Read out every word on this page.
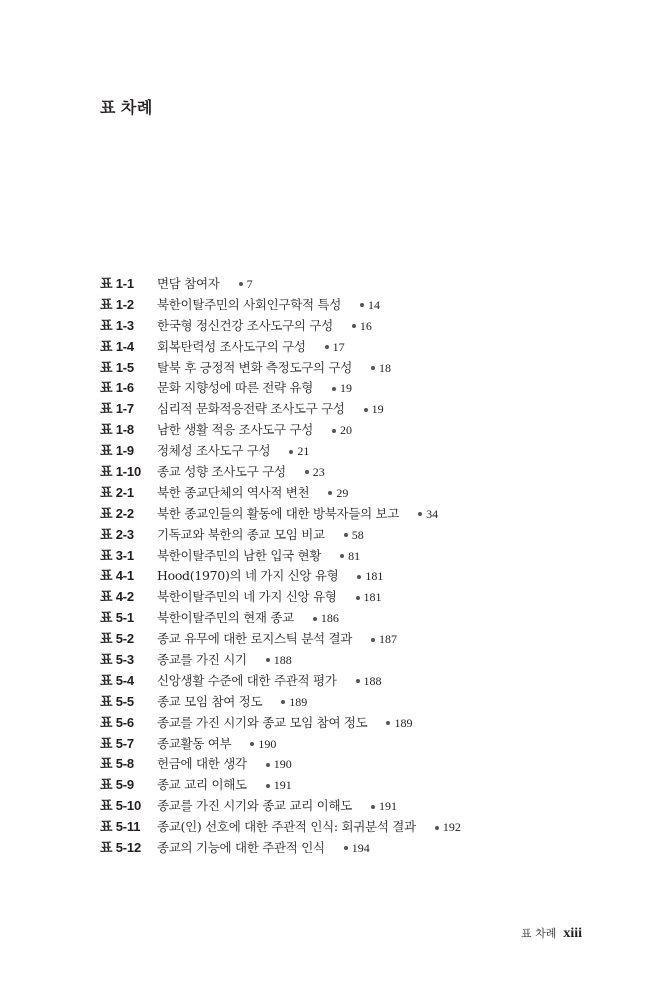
표 차례
표 1-1	면담 참여자 7
표 1-2	북한이탈주민의 사회인구학적 특성 14
표 1-3	한국형 정신건강 조사도구의 구성 16
표 1-4	회복탄력성 조사도구의 구성 17
표 1-5	탈북 후 긍정적 변화 측정도구의 구성 18
표 1-6	문화 지향성에 따른 전략 유형 19
표 1-7	심리적 문화적응전략 조사도구 구성 19
표 1-8	남한 생활 적응 조사도구 구성 20
표 1-9	정체성 조사도구 구성 21
표 1-10	종교 성향 조사도구 구성 23
표 2-1	북한 종교단체의 역사적 변천 29
표 2-2	북한 종교인들의 활동에 대한 방북자들의 보고 34
표 2-3	기독교와 북한의 종교 모임 비교 58
표 3-1	북한이탈주민의 남한 입국 현황 81
표 4-1	Hood(1970)의 네 가지 신앙 유형 181
표 4-2	북한이탈주민의 네 가지 신앙 유형 181
표 5-1	북한이탈주민의 현재 종교 186
표 5-2	종교 유무에 대한 로지스틱 분석 결과 187
표 5-3	종교를 가진 시기 188
표 5-4	신앙생활 수준에 대한 주관적 평가 188
표 5-5	종교 모임 참여 정도 189
표 5-6	종교를 가진 시기와 종교 모임 참여 정도 189
표 5-7	종교활동 여부 190
표 5-8	헌금에 대한 생각 190
표 5-9	종교 교리 이해도 191
표 5-10	종교를 가진 시기와 종교 교리 이해도 191
표 5-11	종교(인) 선호에 대한 주관적 인식: 회귀분석 결과 192
표 5-12	종교의 기능에 대한 주관적 인식 194
표 차례 xiii
